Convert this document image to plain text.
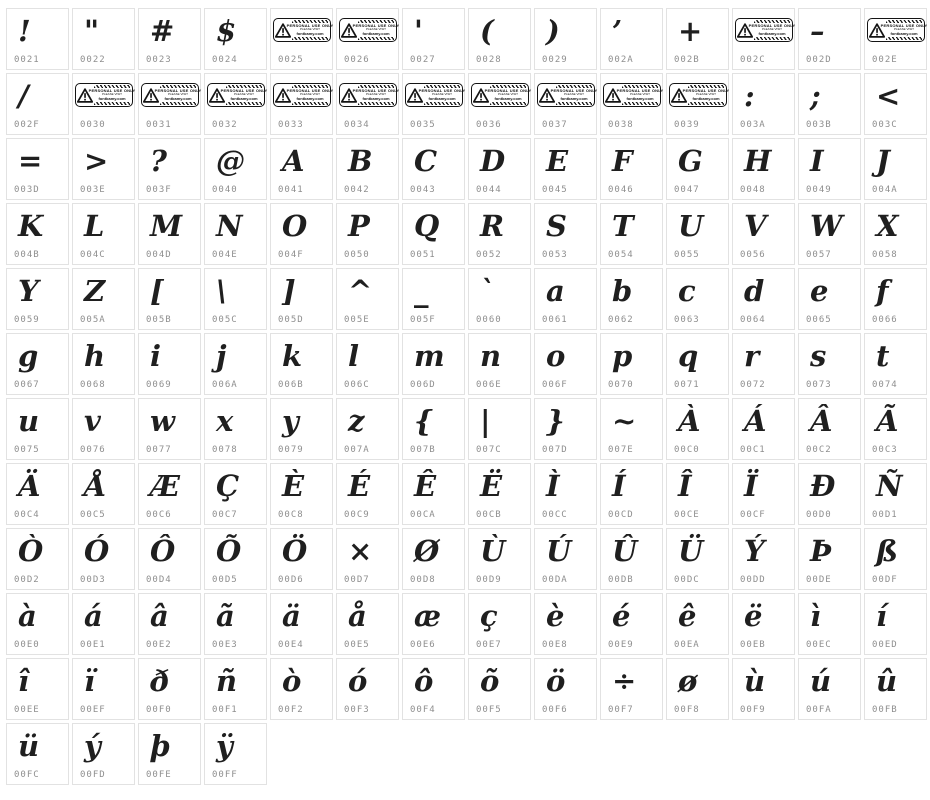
!
0021
"
0022
#
0023
$
0024
PERSONAL USE ONLY
PLEASE VISIT
fontbamy.com
0025
PERSONAL USE ONLY
PLEASE VISIT
fontbamy.com
0026
'
0027
(
0028
)
0029
’
002A
+
002B
PERSONAL USE ONLY
PLEASE VISIT
fontbamy.com
002C
–
002D
PERSONAL USE ONLY
PLEASE VISIT
fontbamy.com
002E
/
002F
PERSONAL USE ONLY
PLEASE VISIT
fontbamy.com
0030
PERSONAL USE ONLY
PLEASE VISIT
fontbamy.com
0031
PERSONAL USE ONLY
PLEASE VISIT
fontbamy.com
0032
PERSONAL USE ONLY
PLEASE VISIT
fontbamy.com
0033
PERSONAL USE ONLY
PLEASE VISIT
fontbamy.com
0034
PERSONAL USE ONLY
PLEASE VISIT
fontbamy.com
0035
PERSONAL USE ONLY
PLEASE VISIT
fontbamy.com
0036
PERSONAL USE ONLY
PLEASE VISIT
fontbamy.com
0037
PERSONAL USE ONLY
PLEASE VISIT
fontbamy.com
0038
PERSONAL USE ONLY
PLEASE VISIT
fontbamy.com
0039
:
003A
;
003B
<
003C
=
003D
>
003E
?
003F
@
0040
A
0041
B
0042
C
0043
D
0044
E
0045
F
0046
G
0047
H
0048
I
0049
J
004A
K
004B
L
004C
M
004D
N
004E
O
004F
P
0050
Q
0051
R
0052
S
0053
T
0054
U
0055
V
0056
W
0057
X
0058
Y
0059
Z
005A
[
005B
\
005C
]
005D
^
005E
_
005F
`
0060
a
0061
b
0062
c
0063
d
0064
e
0065
f
0066
g
0067
h
0068
i
0069
j
006A
k
006B
l
006C
m
006D
n
006E
o
006F
p
0070
q
0071
r
0072
s
0073
t
0074
u
0075
v
0076
w
0077
x
0078
y
0079
z
007A
{
007B
|
007C
}
007D
~
007E
À
00C0
Á
00C1
Â
00C2
Ã
00C3
Ä
00C4
Å
00C5
Æ
00C6
Ç
00C7
È
00C8
É
00C9
Ê
00CA
Ë
00CB
Ì
00CC
Í
00CD
Î
00CE
Ï
00CF
Ð
00D0
Ñ
00D1
Ò
00D2
Ó
00D3
Ô
00D4
Õ
00D5
Ö
00D6
×
00D7
Ø
00D8
Ù
00D9
Ú
00DA
Û
00DB
Ü
00DC
Ý
00DD
Þ
00DE
ß
00DF
à
00E0
á
00E1
â
00E2
ã
00E3
ä
00E4
å
00E5
æ
00E6
ç
00E7
è
00E8
é
00E9
ê
00EA
ë
00EB
ì
00EC
í
00ED
î
00EE
ï
00EF
ð
00F0
ñ
00F1
ò
00F2
ó
00F3
ô
00F4
õ
00F5
ö
00F6
÷
00F7
ø
00F8
ù
00F9
ú
00FA
û
00FB
ü
00FC
ý
00FD
þ
00FE
ÿ
00FF
